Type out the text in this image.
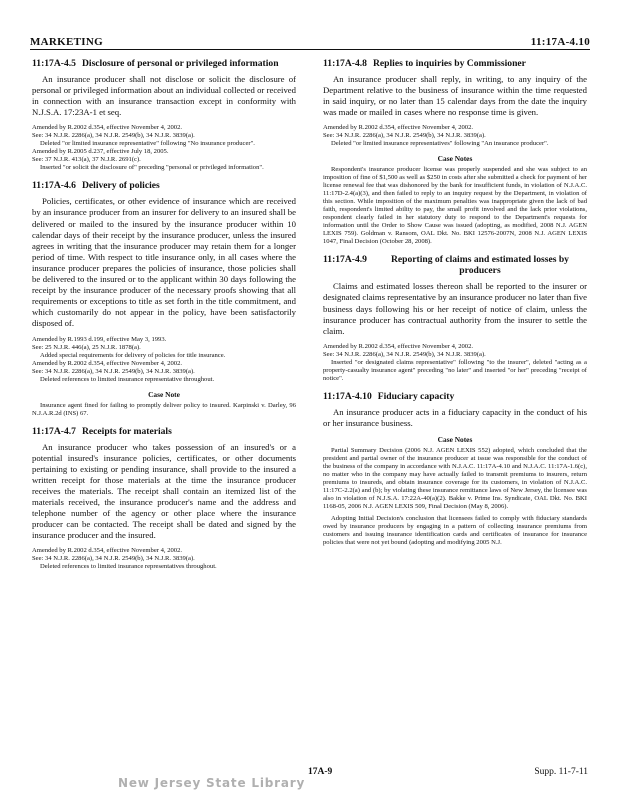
MARKETING	11:17A-4.10
11:17A-4.5 Disclosure of personal or privileged information

An insurance producer shall not disclose or solicit the disclosure of personal or privileged information about an individual collected or received in connection with an insurance transaction except in conformity with N.J.S.A. 17:23A-1 et seq.

Amended by R.2002 d.354, effective November 4, 2002.

See: 34 N.J.R. 2286(a), 34 N.J.R. 2549(b), 34 N.J.R. 3839(a).

Deleted "or limited insurance representative" following "No insurance producer".

Amended by R.2005 d.237, effective July 18, 2005.

See: 37 N.J.R. 413(a), 37 N.J.R. 2691(c).

Inserted "or solicit the disclosure of" preceding "personal or privileged information".

11:17A-4.6 Delivery of policies

Policies, certificates, or other evidence of insurance which are received by an insurance producer from an insurer for delivery to an insured shall be delivered or mailed to the insured by the insurance producer within 10 calendar days of their receipt by the insurance producer, unless the insured agrees in writing that the insurance producer may retain them for a longer period of time. With respect to title insurance only, in all cases where the insurance producer prepares the policies of insurance, those policies shall be delivered to the insured or to the applicant within 30 days following the receipt by the insurance producer of the necessary proofs showing that all requirements or exceptions to title as set forth in the title commitment, and which customarily do not appear in the policy, have been satisfactorily disposed of.

Amended by R.1993 d.199, effective May 3, 1993.

See: 25 N.J.R. 446(a), 25 N.J.R. 1878(a).

Added special requirements for delivery of policies for title insurance.

Amended by R.2002 d.354, effective November 4, 2002.

See: 34 N.J.R. 2286(a), 34 N.J.R. 2549(b), 34 N.J.R. 3839(a).

Deleted references to limited insurance representative throughout.

Case Note

Insurance agent fined for failing to promptly deliver policy to insured. Karpinski v. Darley, 96 N.J.A.R.2d (INS) 67.

11:17A-4.7 Receipts for materials

An insurance producer who takes possession of an insured's or a potential insured's insurance policies, certificates, or other documents pertaining to existing or pending insurance, shall provide to the insured a written receipt for those materials at the time the insurance producer receives the materials. The receipt shall contain an itemized list of the materials received, the insurance producer's name and the address and telephone number of the agency or other place where the insurance producer can be contacted. The receipt shall be dated and signed by the insurance producer and the insured.

Amended by R.2002 d.354, effective November 4, 2002.

See: 34 N.J.R. 2286(a), 34 N.J.R. 2549(b), 34 N.J.R. 3839(a).

Deleted references to limited insurance representatives throughout.

11:17A-4.8 Replies to inquiries by Commissioner

An insurance producer shall reply, in writing, to any inquiry of the Department relative to the business of insurance within the time requested in said inquiry, or no later than 15 calendar days from the date the inquiry was made or mailed in cases where no response time is given.

Amended by R.2002 d.354, effective November 4, 2002.

See: 34 N.J.R. 2286(a), 34 N.J.R. 2549(b), 34 N.J.R. 3839(a).

Deleted "or limited insurance representatives" following "An insurance producer".

Case Notes

Respondent's insurance producer license was properly suspended and she was subject to an imposition of fine of $1,500 as well as $250 in costs after she submitted a check for payment of her license renewal fee that was dishonored by the bank for insufficient funds, in violation of N.J.A.C. 11:17D-2.4(a)(3), and then failed to reply to an inquiry request by the Department, in violation of this section. While imposition of the maximum penalties was inappropriate given the lack of bad faith, respondent's limited ability to pay, the small profit involved and the lack prior violations, respondent clearly failed in her statutory duty to respond to the Department's requests for information until the Order to Show Cause was issued (adopting, as modified, 2008 N.J. AGEN LEXIS 759). Goldman v. Ransom, OAL Dkt. No. BKI 12576-2007N, 2008 N.J. AGEN LEXIS 1047, Final Decision (October 28, 2008).

11:17A-4.9	Reporting of claims and estimated losses by producers

Claims and estimated losses thereon shall be reported to the insurer or designated claims representative by an insurance producer no later than five business days following his or her receipt of notice of claim, unless the insurance producer has contractual authority from the insurer to settle the claim.

Amended by R.2002 d.354, effective November 4, 2002.

See: 34 N.J.R. 2286(a), 34 N.J.R. 2549(b), 34 N.J.R. 3839(a).

Inserted "or designated claims representative" following "to the insurer", deleted "acting as a property-casualty insurance agent" preceding "no later" and inserted "or her" preceding "receipt of notice".

11:17A-4.10 Fiduciary capacity

An insurance producer acts in a fiduciary capacity in the conduct of his or her insurance business.

Case Notes

Partial Summary Decision (2006 N.J. AGEN LEXIS 552) adopted, which concluded that the president and partial owner of the insurance producer at issue was responsible for the conduct of the business of the company in accordance with N.J.A.C. 11:17A-4.10 and N.J.A.C. 11:17A-1.6(c), no matter who in the company may have actually failed to transmit premiums to insurers, return premiums to insureds, and obtain insurance coverage for its customers, in violation of N.J.A.C. 11:17C-2.2(a) and (b); by violating these insurance remittance laws of New Jersey, the licensee was also in violation of N.J.S.A. 17:22A-40(a)(2). Bakke v. Prime Ins. Syndicate, OAL Dkt. No. BKI 1168-05, 2006 N.J. AGEN LEXIS 509, Final Decision (May 8, 2006).

Adopting Initial Decision's conclusion that licensees failed to comply with fiduciary standards owed by insurance producers by engaging in a pattern of collecting insurance premiums from customers and issuing insurance identification cards and certificates of insurance for insurance policies that were not yet bound (adopting and modifying 2005 N.J.

New Jersey State Library
17A-9	Supp. 11-7-11
